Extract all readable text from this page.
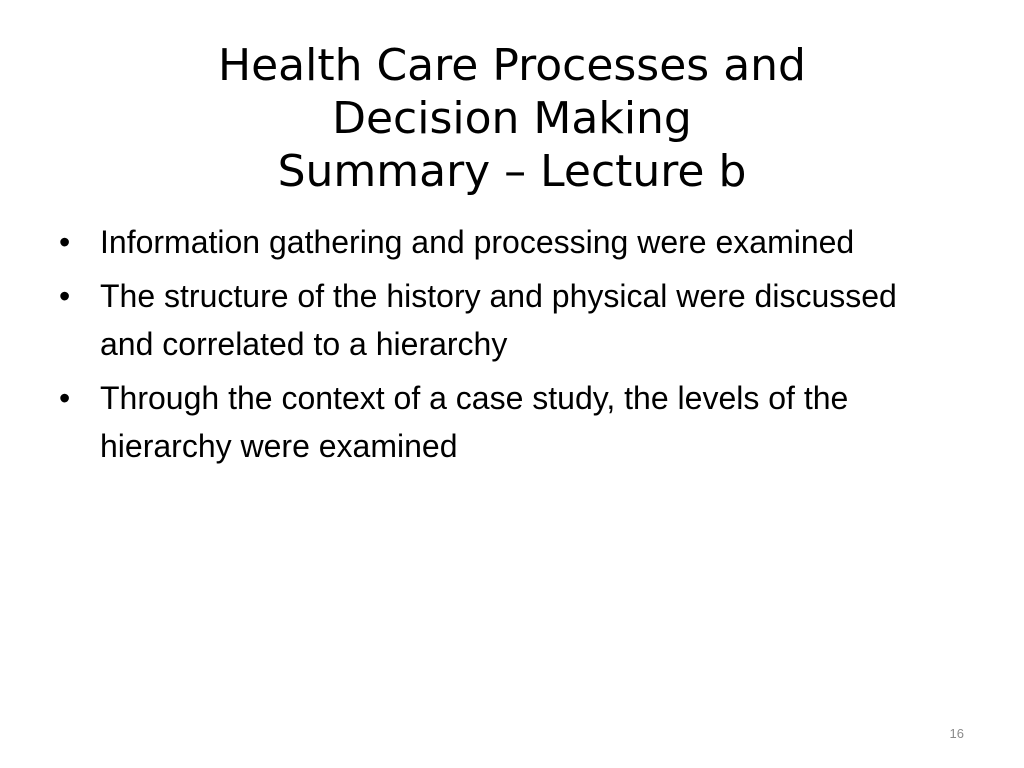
Health Care Processes and
Decision Making
Summary – Lecture b
• Information gathering and processing were examined
• The structure of the history and physical were discussed and correlated to a hierarchy
• Through the context of a case study, the levels of the hierarchy were examined
16
